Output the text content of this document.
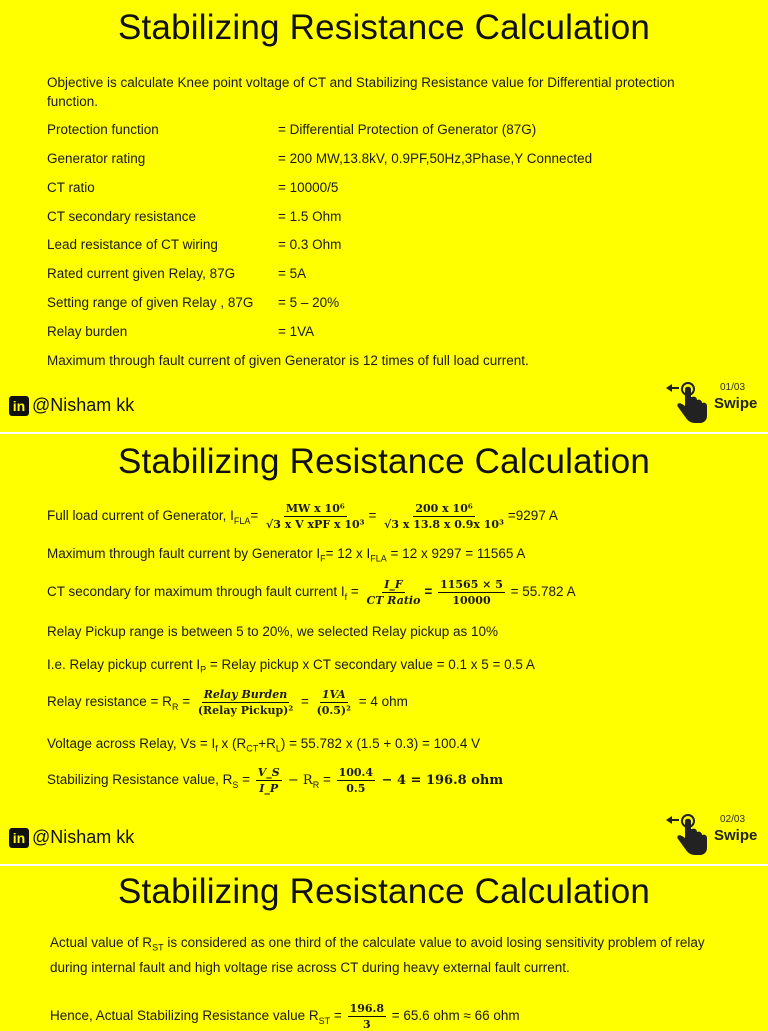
Stabilizing Resistance Calculation
Objective is calculate Knee point voltage of CT and Stabilizing Resistance value for Differential protection function.
Protection function	= Differential Protection of Generator (87G)
Generator rating	= 200 MW,13.8kV, 0.9PF,50Hz,3Phase,Y Connected
CT ratio	= 10000/5
CT secondary resistance	= 1.5 Ohm
Lead resistance of CT wiring	= 0.3 Ohm
Rated current given Relay, 87G	= 5A
Setting range of given Relay , 87G = 5 – 20%
Relay burden	= 1VA
Maximum through fault current of given Generator is 12 times of full load current.
in @Nisham kk
01/03
Swipe
Stabilizing Resistance Calculation
Full load current of Generator, $I_{FLA}= \frac{\text{MW x 10⁶}}{\text{√3 x V xPF x 10³}} = \frac{\text{200 x 10⁶}}{\text{√3 x 13.8 x 0.9x 10³}} =9297$ A
Maximum through fault current by Generator $I_F= 12$ x $I_{FLA} = 12$ x 9297 = 11565 A
CT secondary for maximum through fault current $I_f = \frac{I\_F}{\text{CT Ratio}} = \frac{11565 \times 5}{10000} = 55.782$ A
Relay Pickup range is between 5 to 20%, we selected Relay pickup as 10%
I.e. Relay pickup current $I_P$ = Relay pickup x CT secondary value = 0.1 x 5 = 0.5 A
Relay resistance = $R_R = \frac{\text{Relay Burden}}{\text{(Relay Pickup)²}} = \frac{1VA}{\text{(0.5)²}} = 4$ ohm
Voltage across Relay, $Vs = I_f$ x $(R_{CT}+R_L) = 55.782$ x (1.5 + 0.3) = 100.4 V
Stabilizing Resistance value, $R_S = \frac{V\_S}{I\_P} - R_R = \frac{100.4}{0.5} - 4 = 196.8$ ohm
in @Nisham kk
02/03
Swipe
Stabilizing Resistance Calculation
Actual value of $R_{ST}$ is considered as one third of the calculate value to avoid losing sensitivity problem of relay during internal fault and high voltage rise across CT during heavy external fault current.
Hence, Actual Stabilizing Resistance value $R_{ST} = \frac{196.8}{3} = 65.6$ ohm ≈ 66 ohm
